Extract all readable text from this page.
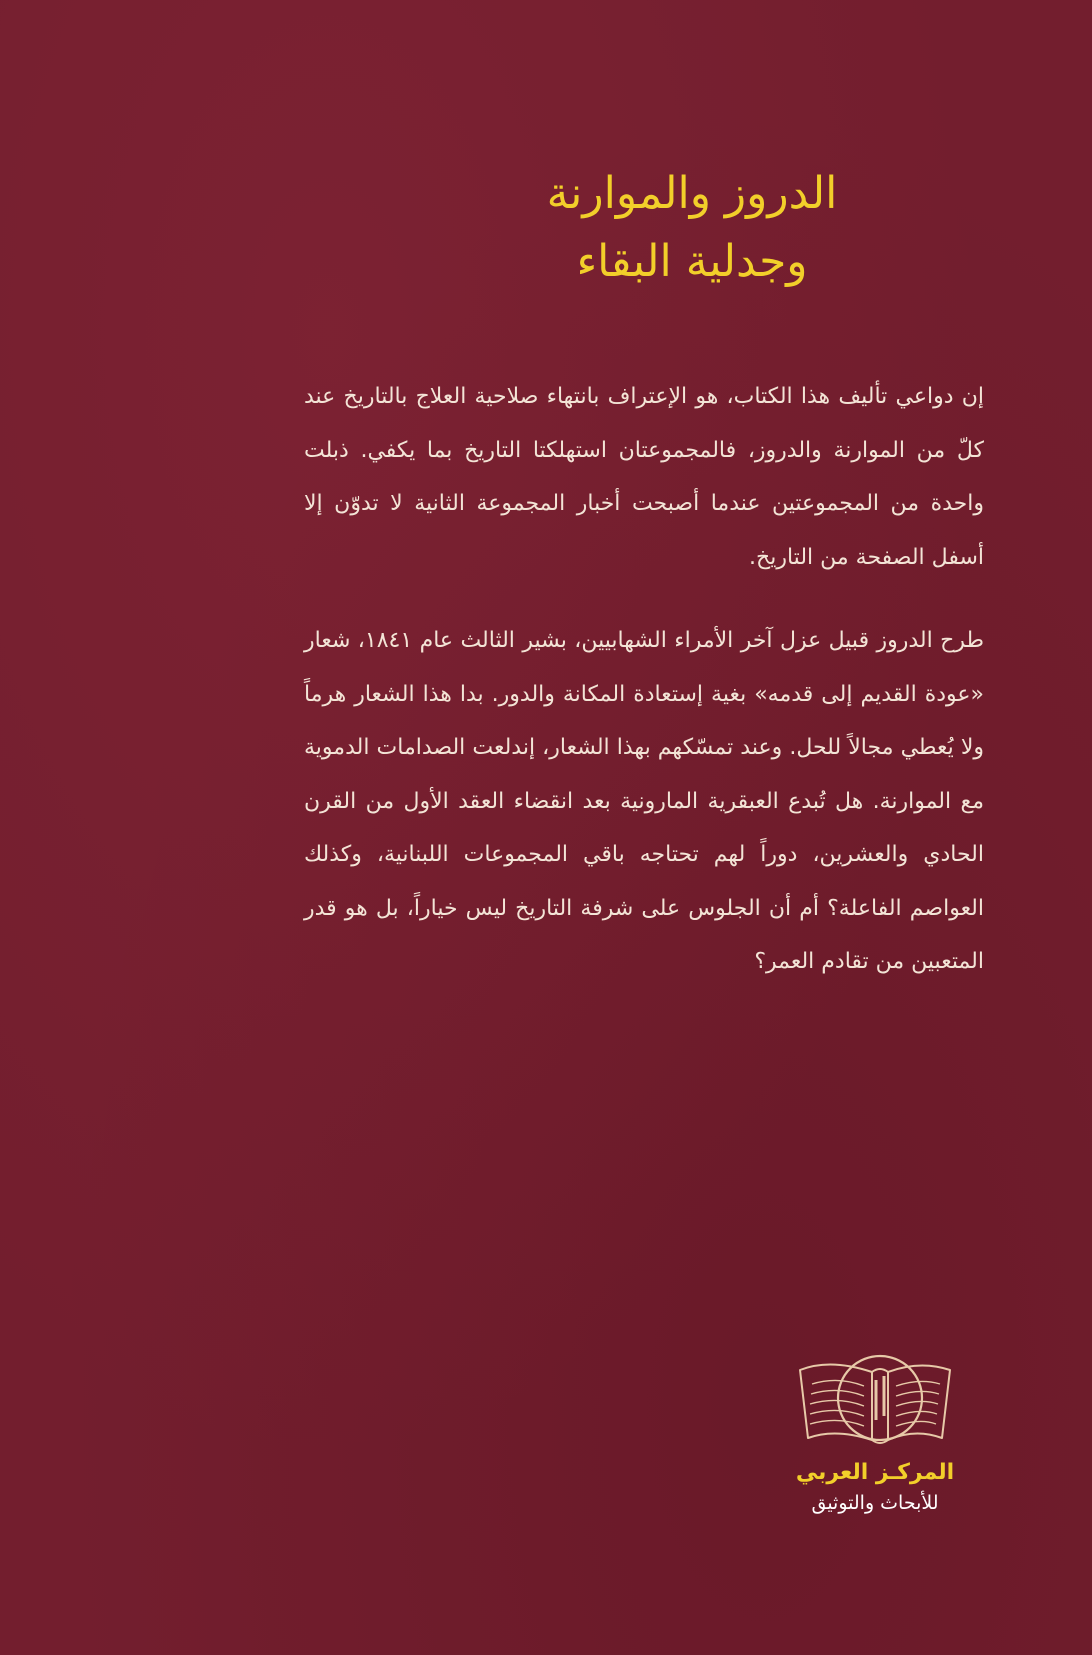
الدروز والموارنة
وجدلية البقاء

إن دواعي تأليف هذا الكتاب، هو الإعتراف بانتهاء صلاحية العلاج بالتاريخ عند كلّ من الموارنة والدروز، فالمجموعتان استهلكتا التاريخ بما يكفي. ذبلت واحدة من المجموعتين عندما أصبحت أخبار المجموعة الثانية لا تدوّن إلا أسفل الصفحة من التاريخ.

طرح الدروز قبيل عزل آخر الأمراء الشهابيين، بشير الثالث عام ١٨٤١، شعار «عودة القديم إلى قدمه» بغية إستعادة المكانة والدور. بدا هذا الشعار هرماً ولا يُعطي مجالاً للحل. وعند تمسّكهم بهذا الشعار، إندلعت الصدامات الدموية مع الموارنة. هل تُبدع العبقرية المارونية بعد انقضاء العقد الأول من القرن الحادي والعشرين، دوراً لهم تحتاجه باقي المجموعات اللبنانية، وكذلك العواصم الفاعلة؟ أم أن الجلوس على شرفة التاريخ ليس خياراً، بل هو قدر المتعبين من تقادم العمر؟

المركـز العربي
للأبحاث والتوثيق
